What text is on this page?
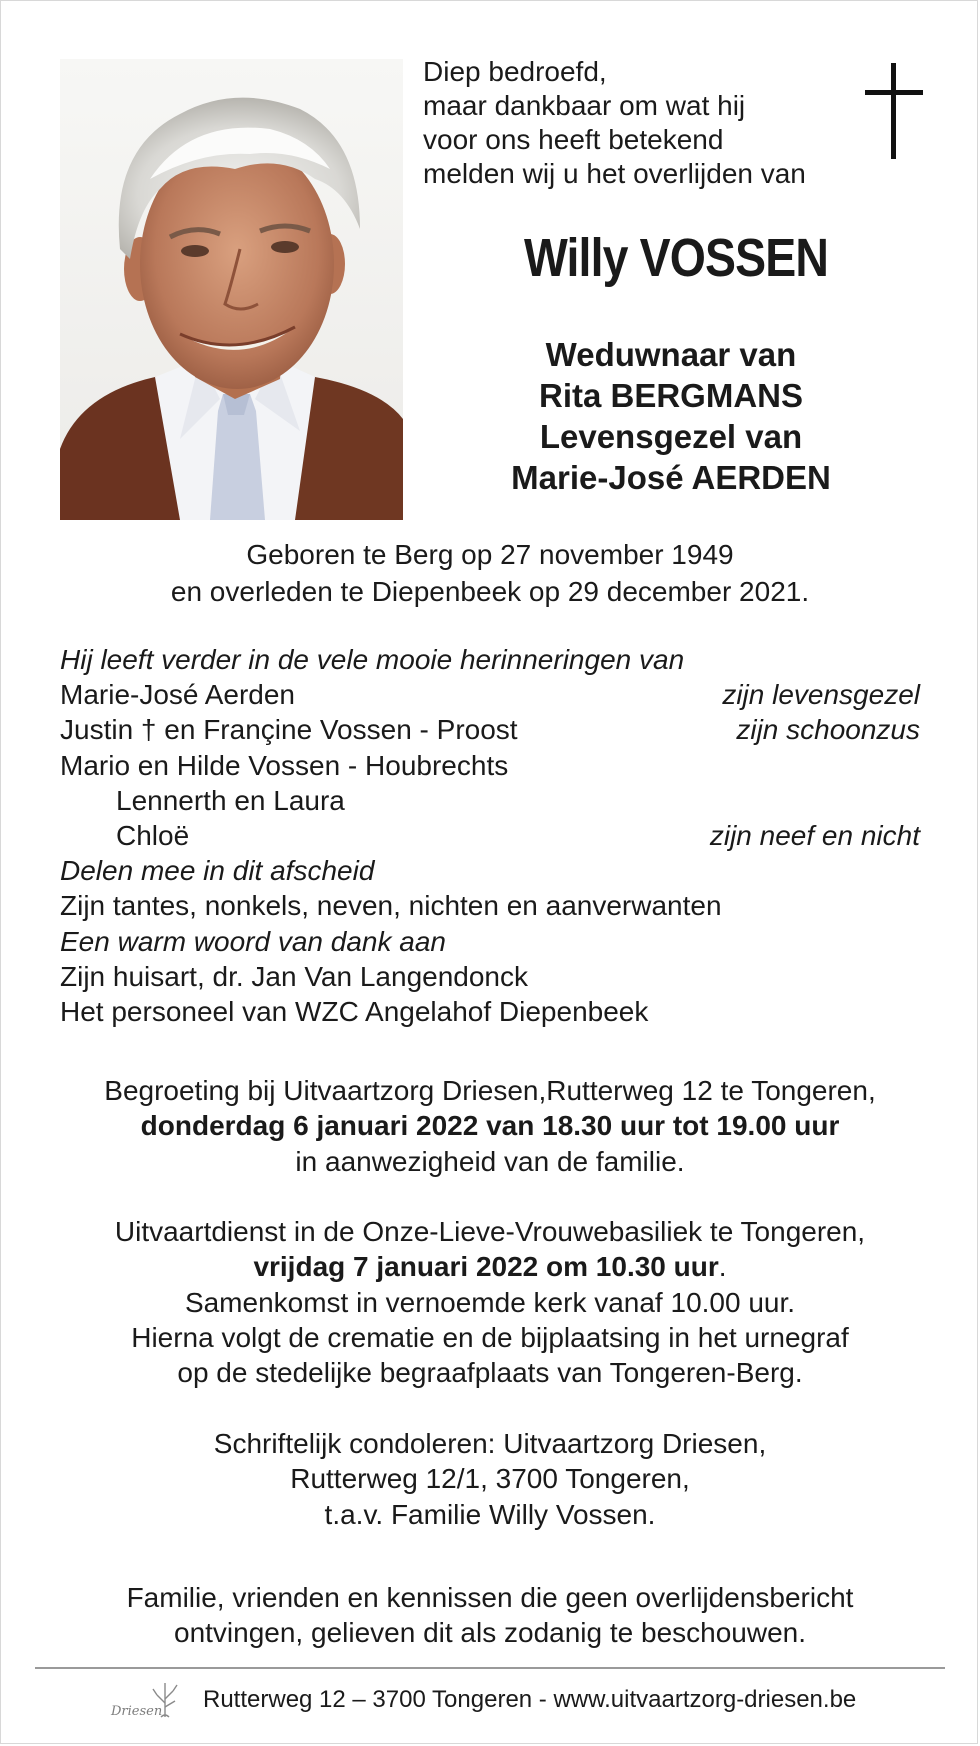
Diep bedroefd,
maar dankbaar om wat hij
voor ons heeft betekend
melden wij u het overlijden van
Willy VOSSEN
Weduwnaar van
Rita BERGMANS
Levensgezel van
Marie-José AERDEN
Geboren te Berg op 27 november 1949
en overleden te Diepenbeek op 29 december 2021.
Hij leeft verder in de vele mooie herinneringen van
Marie-José Aerden	zijn levensgezel
Justin † en Françine Vossen - Proost	zijn schoonzus
Mario en Hilde Vossen - Houbrechts
Lennerth en Laura
Chloë	zijn neef en nicht
Delen mee in dit afscheid
Zijn tantes, nonkels, neven, nichten en aanverwanten
Een warm woord van dank aan
Zijn huisart, dr. Jan Van Langendonck
Het personeel van WZC Angelahof Diepenbeek
Begroeting bij Uitvaartzorg Driesen,Rutterweg 12 te Tongeren,
donderdag 6 januari 2022 van 18.30 uur tot 19.00 uur
in aanwezigheid van de familie.
Uitvaartdienst in de Onze-Lieve-Vrouwebasiliek te Tongeren,
vrijdag 7 januari 2022 om 10.30 uur.
Samenkomst in vernoemde kerk vanaf 10.00 uur.
Hierna volgt de crematie en de bijplaatsing in het urnegraf
op de stedelijke begraafplaats van Tongeren-Berg.
Schriftelijk condoleren: Uitvaartzorg Driesen,
Rutterweg 12/1, 3700 Tongeren,
t.a.v. Familie Willy Vossen.
Familie, vrienden en kennissen die geen overlijdensbericht
ontvingen, gelieven dit als zodanig te beschouwen.
Driesen Rutterweg 12 – 3700 Tongeren - www.uitvaartzorg-driesen.be
